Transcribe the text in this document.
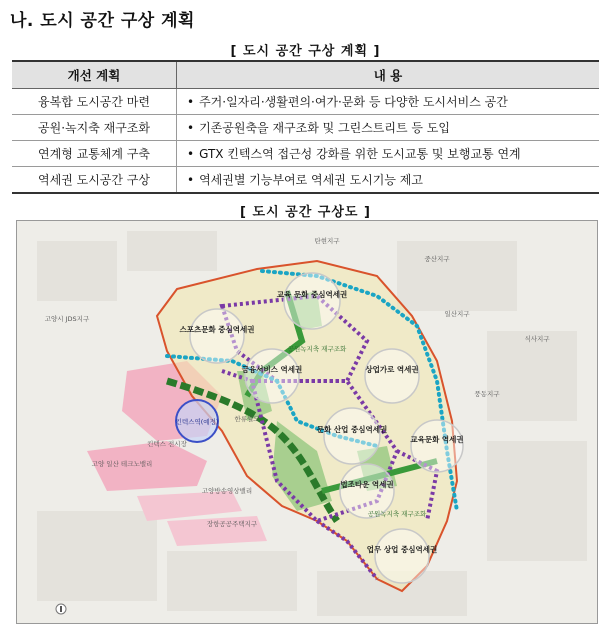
나. 도시 공간 구상 계획
[ 도시 공간 구상 계획 ]
개선 계획	내 용
융복합 도시공간 마련	• 주거·일자리·생활편의·여가·문화 등 다양한 도시서비스 공간
공원·녹지축 재구조화	• 기존공원축을 재구조화 및 그린스트리트 등 도입
연계형 교통체계 구축	• GTX 킨텍스역 접근성 강화를 위한 도시교통 및 보행교통 연계
역세권 도시공간 구상	• 역세권별 기능부여로 역세권 도시기능 제고
[ 도시 공간 구상도 ]
교육 문화 중심역세권
스포츠문화 중심역세권
금융서비스 역세권	상업가로 역세권
문화 산업 중심역세권
교육문화 역세권
법조타운 역세권
업무 상업 중심역세권
킨텍스역(예정)
공원녹지축 재구조화
공원녹지축 재구조화
한류월드
킨텍스 전시장
고양 일산 테크노밸리
고양방송영상밸리
장항공공주택지구
탄현지구
중산지구
일산지구
풍동지구
식사지구
고양시 JDS지구
